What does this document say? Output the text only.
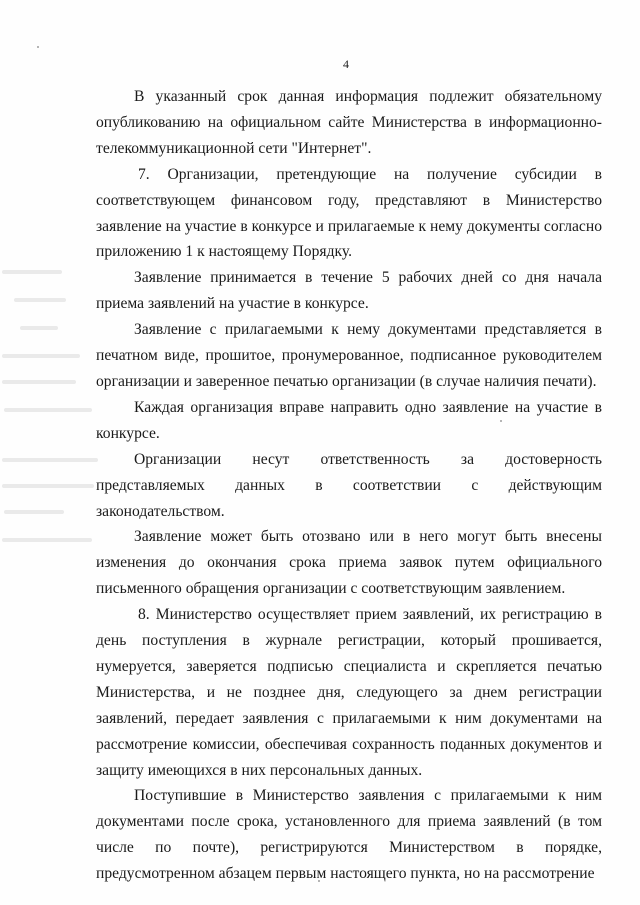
4

В указанный срок данная информация подлежит обязательному опубликованию на официальном сайте Министерства в информационно-телекоммуникационной сети "Интернет".

7. Организации, претендующие на получение субсидии в соответствующем финансовом году, представляют в Министерство заявление на участие в конкурсе и прилагаемые к нему документы согласно приложению 1 к настоящему Порядку.

Заявление принимается в течение 5 рабочих дней со дня начала приема заявлений на участие в конкурсе.

Заявление с прилагаемыми к нему документами представляется в печатном виде, прошитое, пронумерованное, подписанное руководителем организации и заверенное печатью организации (в случае наличия печати).

Каждая организация вправе направить одно заявление на участие в конкурсе.

Организации несут ответственность за достоверность представляемых данных в соответствии с действующим законодательством.

Заявление может быть отозвано или в него могут быть внесены изменения до окончания срока приема заявок путем официального письменного обращения организации с соответствующим заявлением.

8. Министерство осуществляет прием заявлений, их регистрацию в день поступления в журнале регистрации, который прошивается, нумеруется, заверяется подписью специалиста и скрепляется печатью Министерства, и не позднее дня, следующего за днем регистрации заявлений, передает заявления с прилагаемыми к ним документами на рассмотрение комиссии, обеспечивая сохранность поданных документов и защиту имеющихся в них персональных данных.

Поступившие в Министерство заявления с прилагаемыми к ним документами после срока, установленного для приема заявлений (в том числе по почте), регистрируются Министерством в порядке, предусмотренном абзацем первым настоящего пункта, но на рассмотрение
